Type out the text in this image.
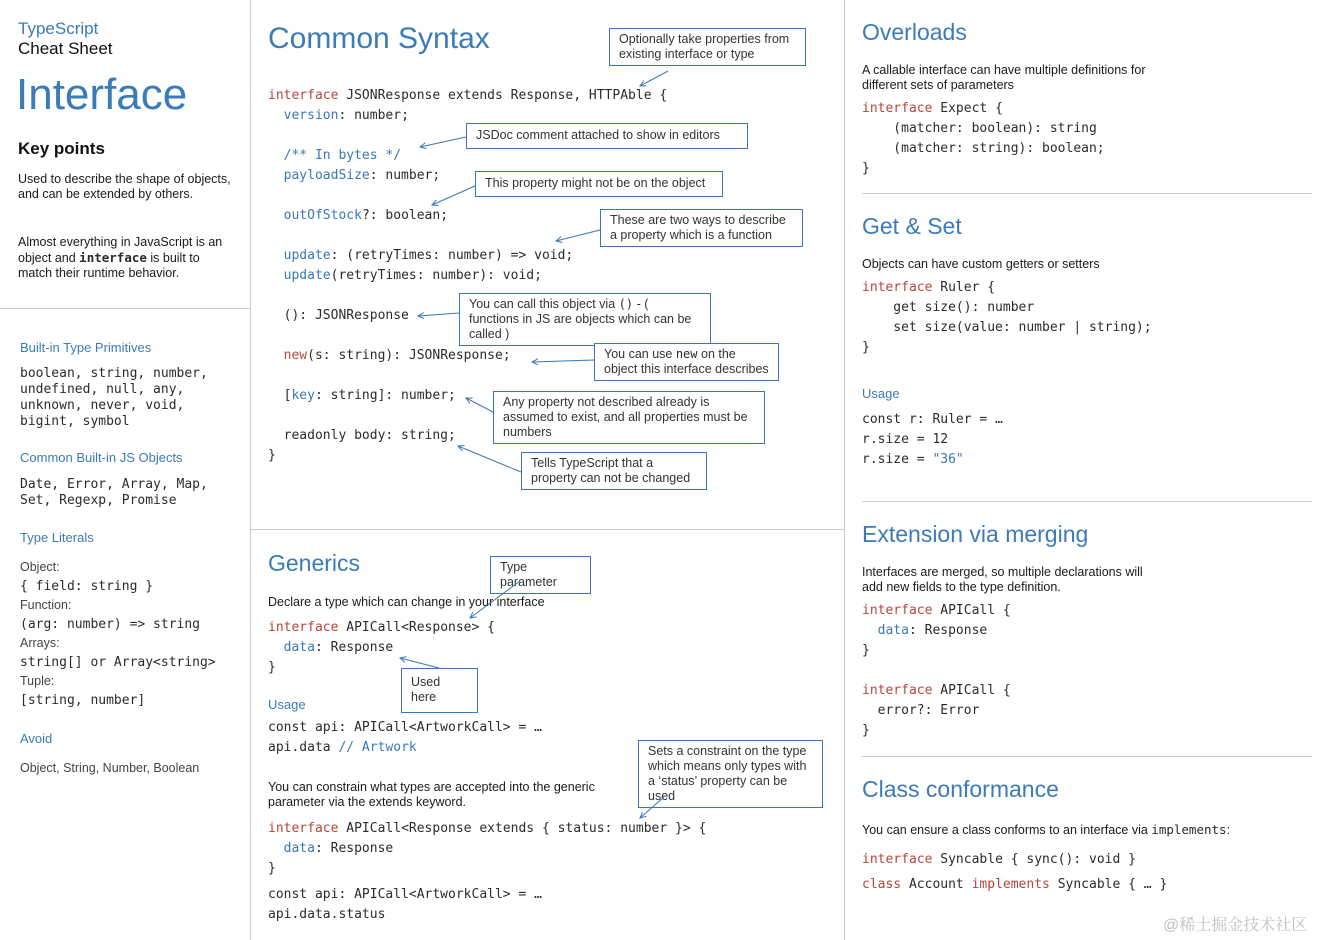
TypeScript
Cheat Sheet
Interface
Key points
Used to describe the shape of objects, and can be extended by others.
Almost everything in JavaScript is an object and interface is built to match their runtime behavior.
Built-in Type Primitives
boolean, string, number,
undefined, null, any,
unknown, never, void,
bigint, symbol
Common Built-in JS Objects
Date, Error, Array, Map,
Set, Regexp, Promise
Type Literals
Object:
{ field: string }
Function:
(arg: number) => string
Arrays:
string[] or Array<string>
Tuple:
[string, number]
Avoid
Object, String, Number, Boolean
Common Syntax
interface JSONResponse extends Response, HTTPAble {
version: number;

/** In bytes */
payloadSize: number;

outOfStock?: boolean;

update: (retryTimes: number) => void;
update(retryTimes: number): void;

(): JSONResponse

new(s: string): JSONResponse;

[key: string]: number;

readonly body: string;
}
Optionally take properties from existing interface or type
JSDoc comment attached to show in editors
This property might not be on the object
These are two ways to describe a property which is a function
You can call this object via () - ( functions in JS are objects which can be called )
You can use new on the object this interface describes
Any property not described already is assumed to exist, and all properties must be numbers
Tells TypeScript that a property can not be changed
Generics
Declare a type which can change in your interface
Type parameter
interface APICall<Response> {
data: Response
}
Used here
Usage
const api: APICall<ArtworkCall> = …
api.data // Artwork
You can constrain what types are accepted into the generic parameter via the extends keyword.
Sets a constraint on the type which means only types with a ‘status’ property can be used
interface APICall<Response extends { status: number }> {
data: Response
}
const api: APICall<ArtworkCall> = …
api.data.status
Overloads
A callable interface can have multiple definitions for different sets of parameters
interface Expect {
(matcher: boolean): string
(matcher: string): boolean;
}
Get & Set
Objects can have custom getters or setters
interface Ruler {
get size(): number
set size(value: number | string);
}
Usage
const r: Ruler = …
r.size = 12
r.size = "36"
Extension via merging
Interfaces are merged, so multiple declarations will add new fields to the type definition.
interface APICall {
data: Response
}

interface APICall {
error?: Error
}
Class conformance
You can ensure a class conforms to an interface via implements:
interface Syncable { sync(): void }
class Account implements Syncable { … }
@稀土掘金技术社区
